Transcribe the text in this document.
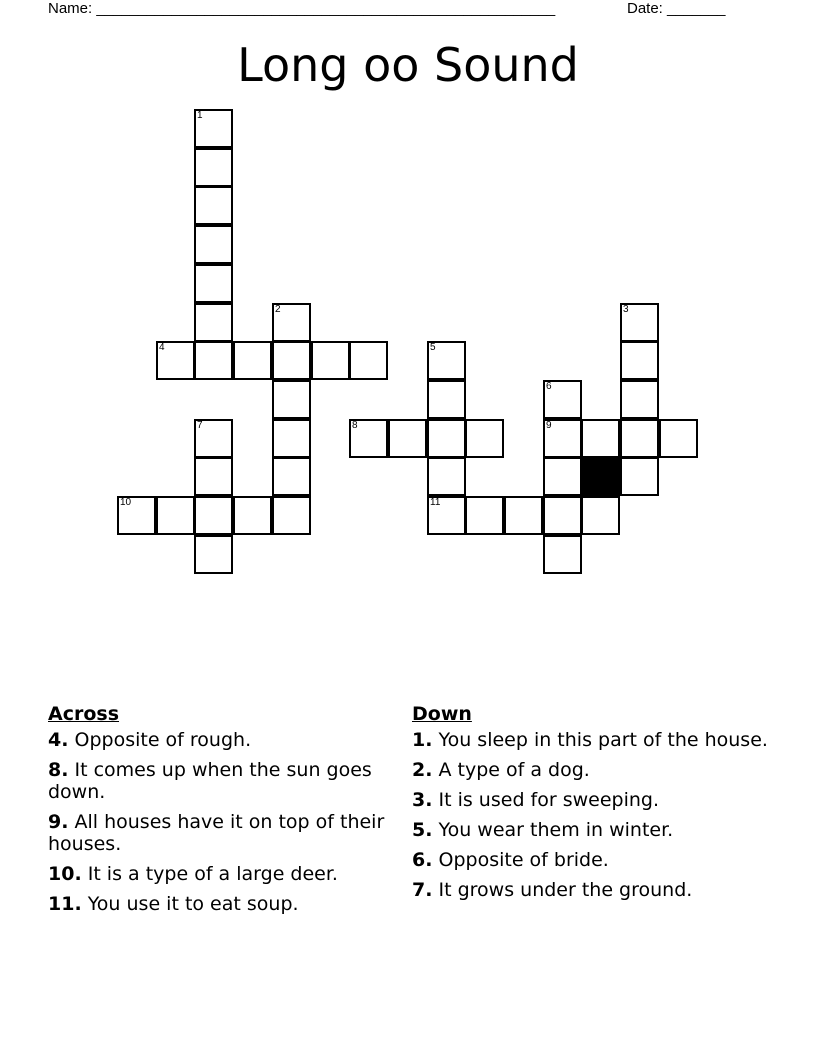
Name: _______________________________________________________	Date: _______
Long oo Sound
1
2	3
4	5
6
7	8	9
10	11
Across
4. Opposite of rough.
8. It comes up when the sun goes down.
9. All houses have it on top of their houses.
10. It is a type of a large deer.
11. You use it to eat soup.
Down
1. You sleep in this part of the house.
2. A type of a dog.
3. It is used for sweeping.
5. You wear them in winter.
6. Opposite of bride.
7. It grows under the ground.
